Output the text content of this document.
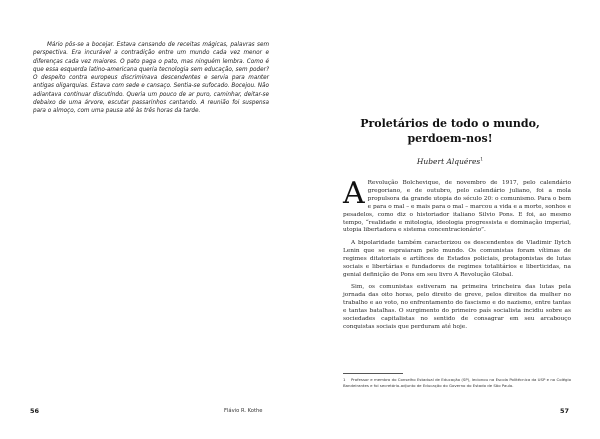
Mário pôs-se a bocejar. Estava cansando de receitas mágicas, palavras sem perspectiva. Era incurável a contradição entre um mundo cada vez menor e diferenças cada vez maiores. O pato paga o pato, mas ninguém lembra. Como é que essa esquerda latino-americana queria tecnologia sem educação, sem poder? O despeito contra europeus discriminava descendentes e servia para manter antigas oligarquias. Estava com sede e cansaço. Sentia-se sufocado. Bocejou. Não adiantava continuar discutindo. Queria um pouco de ar puro, caminhar, deitar-se debaixo de uma árvore, escutar passarinhos cantando. A reunião foi suspensa para o almoço, com uma pausa até às três horas da tarde.

Proletários de todo o mundo,
perdoem-nos!

Hubert Alquéres$^1$

A Revolução Bolchevique, de novembro de 1917, pelo calendário gregoriano, e de outubro, pelo calendário juliano, foi a mola propulsora da grande utopia do século 20: o comunismo. Para o bem e para o mal – e mais para o mal – marcou a vida e a morte, sonhos e pesadelos, como diz o historiador italiano Silvio Pons. E foi, ao mesmo tempo, “realidade e mitologia, ideologia progressista e dominação imperial, utopia libertadora e sistema concentracionário”.

A bipolaridade também caracterizou os descendentes de Vladimir Ilytch Lenin que se espraiaram pelo mundo. Os comunistas foram vítimas de regimes ditatoriais e artífices de Estados policiais, protagonistas de lutas sociais e libertárias e fundadores de regimes totalitários e liberticidas, na genial definição de Pons em seu livro A Revolução Global.

Sim, os comunistas estiveram na primeira trincheira das lutas pela jornada das oito horas, pelo direito de greve, pelos direitos da mulher no trabalho e ao voto, no enfrentamento do fascismo e do nazismo, entre tantas e tantas batalhas. O surgimento do primeiro país socialista incidiu sobre as sociedades capitalistas no sentido de consagrar em seu arcabouço conquistas sociais que perduram até hoje.

1 Professor e membro do Conselho Estadual de Educação (SP), lecionou na Escola Politécnica da USP e no Colégio Bandeirantes e foi secretário-adjunto de Educação do Governo do Estado de São Paulo.

56	Flávio R. Kothe	57
